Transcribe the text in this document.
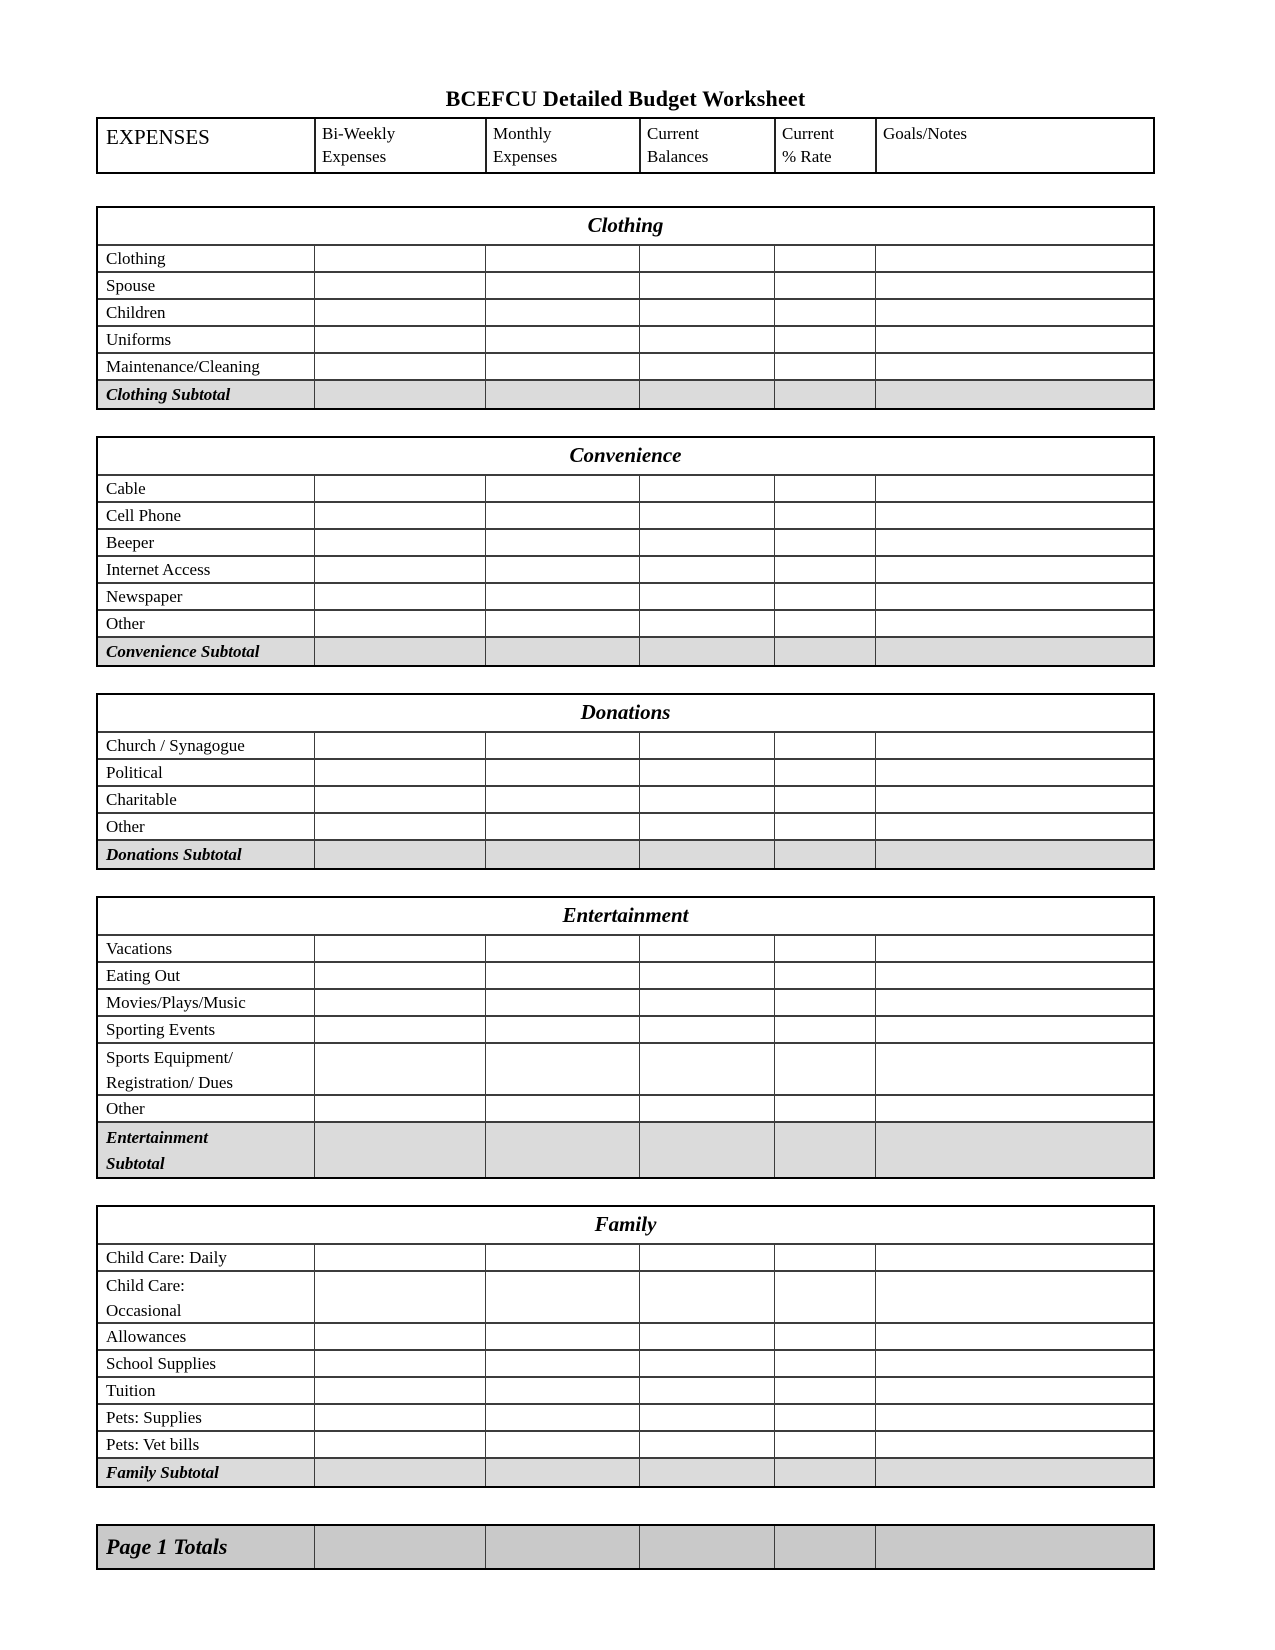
BCEFCU Detailed Budget Worksheet
EXPENSES	Bi-Weekly
Expenses
Monthly
Expenses
Current
Balances
Current
% Rate
Goals/Notes
Clothing
Clothing
Spouse
Children
Uniforms
Maintenance/Cleaning
Clothing Subtotal
Convenience
Cable
Cell Phone
Beeper
Internet Access
Newspaper
Other
Convenience Subtotal
Donations
Church / Synagogue
Political
Charitable
Other
Donations Subtotal
Entertainment
Vacations
Eating Out
Movies/Plays/Music
Sporting Events
Sports Equipment/
Registration/ Dues
Other
Entertainment
Subtotal
Family
Child Care: Daily
Child Care:
Occasional
Allowances
School Supplies
Tuition
Pets: Supplies
Pets: Vet bills
Family Subtotal
Page 1 Totals
